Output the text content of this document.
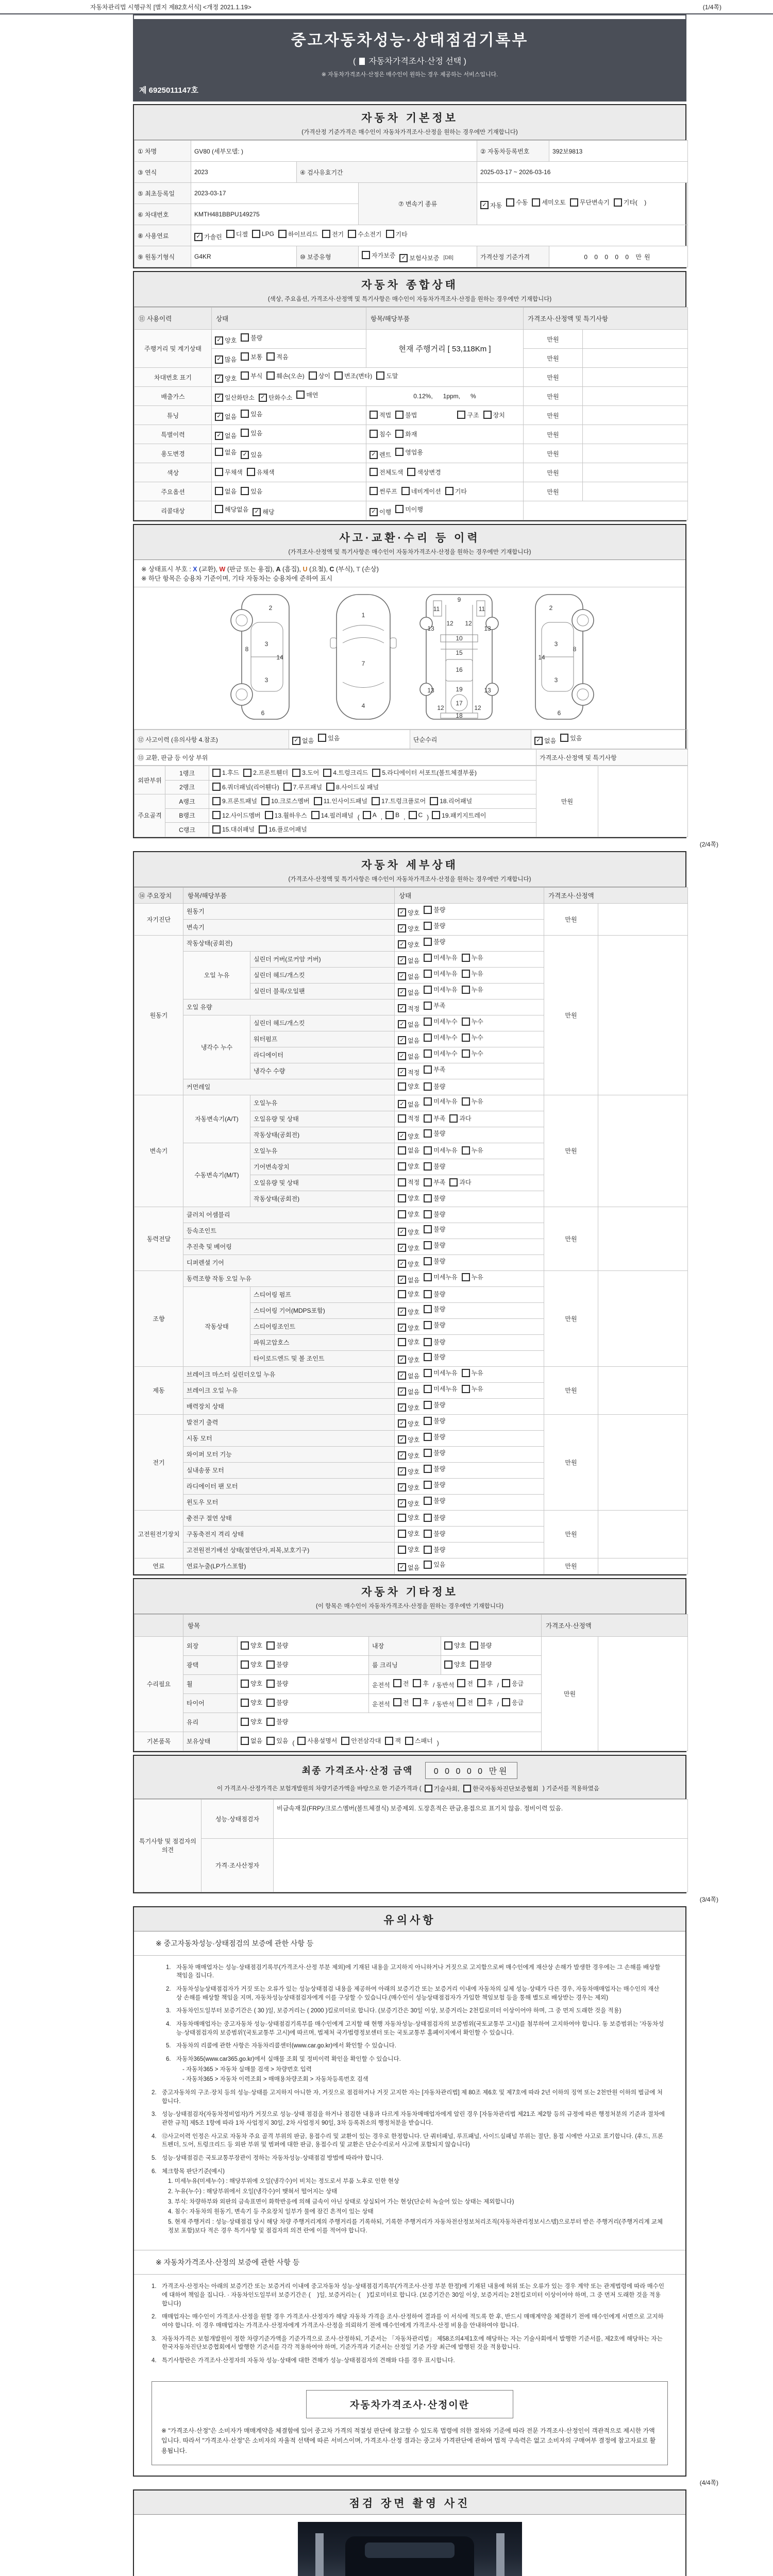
자동차관리법 시행규칙 [별지 제82호서식] <개정 2021.1.19>	(1/4쪽)
중고자동차성능·상태점검기록부
( 자동차가격조사·산정 선택 )
※ 자동차가격조사·산정은 매수인이 원하는 경우 제공하는 서비스입니다.
제 6925011147호
자동차 기본정보
(가격산정 기준가격은 매수인이 자동차가격조사·산정을 원하는 경우에만 기재합니다)
① 차명	GV80 (세부모델: )			② 자동차등록번호	392보9813
③ 연식	2023	④ 검사유효기간		2025-03-17 ~ 2026-03-16	
⑤ 최초등록일	2023-03-17	⑦ 변속기 종류	✓ 자동 수동 세미오토 무단변속기 기타(    )

⑥ 차대번호	KMTH481BBPU149275				
⑧ 사용연료	✓ 가솔린 디젤 LPG 하이브리드 전기 수소전기 기타

⑨ 원동기형식	G4KR	⑩ 보증유형	자가보증 ✓ 보험사보증 [DB]	가격산정 기준가격	0 0 0 0 0 만원
자동차 종합상태
(색상, 주요옵션, 가격조사·산정액 및 특기사항은 매수인이 자동차가격조사·산정을 원하는 경우에만 기재합니다)
⑪ 사용이력	상태	항목/해당부품	가격조사·산정액 및 특기사항	
주행거리 및 계기상태	✓ 양호 불량	현재 주행거리 [ 53,118Km ]	만원	

✓ 많음 보통 적음		만원	
차대번호 표기	✓ 양호 부식 훼손(오손) 상이 변조(변타) 도말	만원	
배출가스	✓ 일산화탄소 ✓ 탄화수소 매연	0.12%,      1ppm,      %	만원	
튜닝	✓ 없음 있음	적법 불법 구조 장치	만원	
특별이력	✓ 없음 있음	침수 화재	만원	
용도변경	없음 ✓ 있음	✓ 렌트 영업용	만원	
색상	무채색 유채색	전체도색 색상변경	만원	
주요옵션	없음 있음	썬루프 네비게이션 기타	만원	
리콜대상	해당없음 ✓ 해당	✓ 이행 미이행		

사고·교환·수리 등 이력
(가격조사·산정액 및 특기사항은 매수인이 자동차가격조사·산정을 원하는 경우에만 기재합니다)
※ 상태표시 부호 : X (교환), W (판금 또는 용접), A (흠집), U (요철), C (부식), T (손상)
※ 하단 항목은 승용차 기준이며, 기타 자동차는 승용차에 준하여 표시
2
8
3
14
3
6
1
7
4
9
11	11
12 12
13	13
10
15
16
13	13
19
17
12	12
18
2
8
3
14
3
6
⑫ 사고이력 (유의사항 4.참조)	✓ 없음 있음	단순수리	✓ 없음 있음
⑬ 교환, 판금 등 이상 부위	가격조사·산정액 및 특기사항
외판부위	1랭크	1.후드 2.프론트휀더 3.도어 4.트렁크리드 5.라디에이터 서포트(볼트체결부품)	만원	
	2랭크	6.쿼더패널(리어휀다) 7.루프패널 8.사이드실 패널		

주요골격	A랭크	9.프론트패널 10.크로스멤버 11.인사이드패널 17.트렁크플로어 18.리어패널		

B랭크	12.사이드멤버 13.휠하우스 14.필러패널 ( A , B , C ) 19.패키지트레이

	C랭크	15.대쉬패널 16.플로어패널		
(2/4쪽)
자동차 세부상태
(가격조사·산정액 및 특기사항은 매수인이 자동차가격조사·산정을 원하는 경우에만 기재합니다)
⑭ 주요장치	항목/해당부품		상태	가격조사·산정액	
자기진단	원동기		✓ 양호 불량	만원	
	변속기		✓ 양호 불량		

원동기	작동상태(공회전)		✓ 양호 불량	만원	
	오일 누유	실린더 커버(로커암 커버)	✓ 없음 미세누유 누유		

		실린더 헤드/개스킷	✓ 없음 미세누유 누유		

		실린더 블록/오일팬	✓ 없음 미세누유 누유		

	오일 유량		✓ 적정 부족		

	냉각수 누수	실린더 헤드/개스킷	✓ 없음 미세누수 누수		

		워터펌프	✓ 없음 미세누수 누수		

		라디에이터	✓ 없음 미세누수 누수		

		냉각수 수량	✓ 적정 부족		

	커먼레일		양호 불량		

변속기	자동변속기(A/T)	오일누유	✓ 없음 미세누유 누유	만원	
		오일유량 및 상태	적정 부족 과다		

		작동상태(공회전)	✓ 양호 불량		

	수동변속기(M/T)	오일누유	없음 미세누유 누유		

		기어변속장치	양호 불량		

		오일유량 및 상태	적정 부족 과다		

		작동상태(공회전)	양호 불량		

동력전달	클러치 어셈블리		양호 불량	만원	
	등속조인트		✓ 양호 불량		

	추진축 및 베어링		✓ 양호 불량		

	디퍼렌셜 기어		✓ 양호 불량		

조향	동력조향 작동 오일 누유		✓ 없음 미세누유 누유	만원	
	작동상태	스티어링 펌프	양호 불량		

		스티어링 기어(MDPS포함)	✓ 양호 불량		

		스티어링조인트	✓ 양호 불량		

		파워고압호스	양호 불량		

		타이로드엔드 및 볼 조인트	✓ 양호 불량		

제동	브레이크 마스터 실린더오일 누유		✓ 없음 미세누유 누유	만원	
	브레이크 오일 누유		✓ 없음 미세누유 누유		

	배력장치 상태		✓ 양호 불량		

전기	발전기 출력		✓ 양호 불량	만원	
	시동 모터		✓ 양호 불량		

	와이퍼 모터 기능		✓ 양호 불량		

	실내송풍 모터		✓ 양호 불량		

	라디에이터 팬 모터		✓ 양호 불량		

	윈도우 모터		✓ 양호 불량		

고전원전기장치	충전구 절연 상태		양호 불량	만원	
	구동축전지 격리 상태		양호 불량		

	고전원전기배선 상태(절연단자,피복,보호기구)		양호 불량		

연료	연료누출(LP가스포함)		✓ 없음 있음	만원	
자동차 기타정보
(이 항목은 매수인이 자동차가격조사·산정을 원하는 경우에만 기재합니다)
	항목				가격조사·산정액	
수리필요	외장	양호 불량	내장	양호 불량	만원	
	광택	양호 불량	룸 크리닝	양호 불량		

휠	양호 불량	운전석 전 후 / 동반석 전 후 / 응급

타이어	양호 불량	운전석 전 후 / 동반석 전 후 / 응급

	유리	양호 불량				

기본품목	보유상태	없음 있음 ( 사용설명서 안전삼각대 잭 스패너 )
최종 가격조사·산정 금액	0 0 0 0 0 만원
이 가격조사·산정가격은 보험개발원의 차량기준가액을 바탕으로 한 기준가격과 ( 기술사회, 한국자동차진단보증협회 ) 기준서를 적용하였음
특기사항 및 점검자의 의견	성능·상태점검자	비금속재질(FRP)/크로스멤버(볼트체결식) 보증제외. 도장흔적은 판금,용접으로 표기치 않음. 정비이력 있음.
	가격·조사산정자	
(3/4쪽)
유의사항
※ 중고자동차성능·상태점검의 보증에 관한 사항 등
1. 자동차 매매업자는 성능·상태점검기록부(가격조사·산정 부분 제외)에 기재된 내용을 고지하지 아니하거나 거짓으로 고지함으로써 매수인에게 재산상 손해가 발생한 경우에는 그 손해를 배상할 책임을 집니다.
2. 자동차성능상태점검자가 거짓 또는 오류가 있는 성능상태점검 내용을 제공하여 아래의 보증기간 또는 보증거리 이내에 자동차의 실제 성능·상태가 다른 경우, 자동차매매업자는 매수인의 재산상 손해를 배상할 책임을 지며, 자동차성능상태점검자에게 이를 구상할 수 있습니다.(매수인이 성능상태점검자가 가입한 책임보험 등을 통해 별도로 배상받는 경우는 제외)
3. 자동차인도일부터 보증기간은 ( 30 )일, 보증거리는 ( 2000 )킬로미터로 합니다. (보증기간은 30일 이상, 보증거리는 2천킬로미터 이상이어야 하며, 그 중 먼저 도래한 것을 적용)
4. 자동차매매업자는 중고자동차 성능·상태점검기록부를 매수인에게 고지할 때 현행 자동차성능·상태점검자의 보증범위(국토교통부 고시)를 첨부하여 고지하여야 합니다. 동 보증범위는 '자동차성능·상태점검자의 보증범위'(국토교통부 고시)에 따르며, 법제처 국가법령정보센터 또는 국토교통부 홈페이지에서 확인할 수 있습니다.
5. 자동차의 리콜에 관한 사항은 자동차리콜센터(www.car.go.kr)에서 확인할 수 있습니다.
6. 자동차365(www.car365.go.kr)에서 실매물 조회 및 정비이력 확인을 확인할 수 있습니다.
- 자동차365 > 자동차 실매물 검색 > 차량번호 입력
- 자동차365 > 자동차 이력조회 > 매매용차량조회 > 자동차등록번호 검색
2. 중고자동차의 구조·장치 등의 성능·상태를 고지하지 아니한 자, 거짓으로 점검하거나 거짓 고지한 자는 [자동차관리법] 제 80조 제6호 및 제7호에 따라 2년 이하의 징역 또는 2천만원 이하의 벌금에 처합니다.
3. 성능·상태점검자(자동차정비업자)가 거짓으로 성능·상태 점검을 하거나 점검한 내용과 다르게 자동차매매업자에게 알린 경우 [자동차관리법 제21조 제2항 등의 규정에 따른 행정처분의 기준과 절차에 관한 규칙] 제5조 1항에 따라 1차 사업정지 30일, 2차 사업정지 90일, 3차 등록취소의 행정처분을 받습니다.
4. ⑫사고이력 인정은 사고로 자동차 주요 골격 부위의 판금, 용접수리 및 교환이 있는 경우로 한정합니다. 단 쿼터패널, 루프패널, 사이드실패널 부위는 절단, 용접 시에만 사고로 표기합니다. (후드, 프론트펜더, 도어, 트렁크리드 등 외판 부위 및 범퍼에 대한 판금, 용접수리 및 교환은 단순수리로서 사고에 포함되지 않습니다)
5. 성능·상태점검은 국토교통부장관이 정하는 자동차성능·상태점검 방법에 따라야 합니다.
6. 체크항목 판단기준(예시)
1. 미세누유(미세누수) : 해당부위에 오일(냉각수)이 비치는 정도로서 부품 노후로 인한 현상
2. 누유(누수) : 해당부위에서 오일(냉각수)이 맺혀서 떨어지는 상태
3. 부식: 차량하부와 외판의 금속표면이 화학반응에 의해 금속이 아닌 상태로 상실되어 가는 현상(단순히 녹슬어 있는 상태는 제외합니다)
4. 침수: 자동차의 원동기, 변속기 등 주요장치 일부가 물에 잠긴 흔적이 있는 상태
5. 현재 주행거리 : 성능·상태점검 당시 해당 차량 주행거리계의 주행거리를 기록하되, 기록한 주행거리가 자동차전산정보처리조직(자동차관리정보시스템)으로부터 받은 주행거리(주행거리계 교체 정보 포함)보다 적은 경우 특기사항 및 점검자의 의견 란에 이를 적어야 합니다.
※ 자동차가격조사·산정의 보증에 관한 사항 등
1. 가격조사·산정자는 아래의 보증기간 또는 보증거리 이내에 중고자동차 성능·상태점검기록부(가격조사·산정 부분 한정)에 기재된 내용에 허위 또는 오류가 있는 경우 계약 또는 관계법령에 따라 매수인에 대하여 책임을 집니다. · 자동차인도일부터 보증기간은 (    )일, 보증거리는 (    )킬로미터로 합니다. (보증기간은 30일 이상, 보증거리는 2천킬로미터 이상이어야 하며, 그 중 먼저 도래한 것을 적용합니다)
2. 매매업자는 매수인이 가격조사·산정을 원할 경우 가격조사·산정자가 해당 자동차 가격을 조사·산정하여 결과를 이 서식에 적도록 한 후, 반드시 매매계약을 체결하기 전에 매수인에게 서면으로 고지하여야 합니다. 이 경우 매매업자는 가격조사·산정자에게 가격조사·산정을 의뢰하기 전에 매수인에게 가격조사·산정 비용을 안내하여야 합니다.
3. 자동차가격은 보험개발원이 정한 차량기준가액을 기준가격으로 조사·산정하되, 기준서는 「자동차관리법」 제58조의4제1호에 해당하는 자는 기술사회에서 발행한 기준서를, 제2호에 해당하는 자는 한국자동차진단보증협회에서 발행한 기준서를 각각 적용하여야 하며, 기준가격과 기준서는 산정일 기준 가장 최근에 발행된 것을 적용합니다.
4. 특기사항란은 가격조사·산정자의 자동차 성능·상태에 대한 견해가 성능·상태점검자의 견해와 다를 경우 표시합니다.
자동차가격조사·산정이란
※ "가격조사·산정"은 소비자가 매매계약을 체결함에 있어 중고차 가격의 적절성 판단에 참고할 수 있도록 법령에 의한 절차와 기준에 따라 전문 가격조사·산정인이 객관적으로 제시한 가액입니다. 따라서 "가격조사·산정"은 소비자의 자율적 선택에 따른 서비스이며, 가격조사·산정 결과는 중고차 가격판단에 관하여 법적 구속력은 없고 소비자의 구매여부 결정에 참고자료로 활용됩니다.
(4/4쪽)
점검 장면 촬영 사진
